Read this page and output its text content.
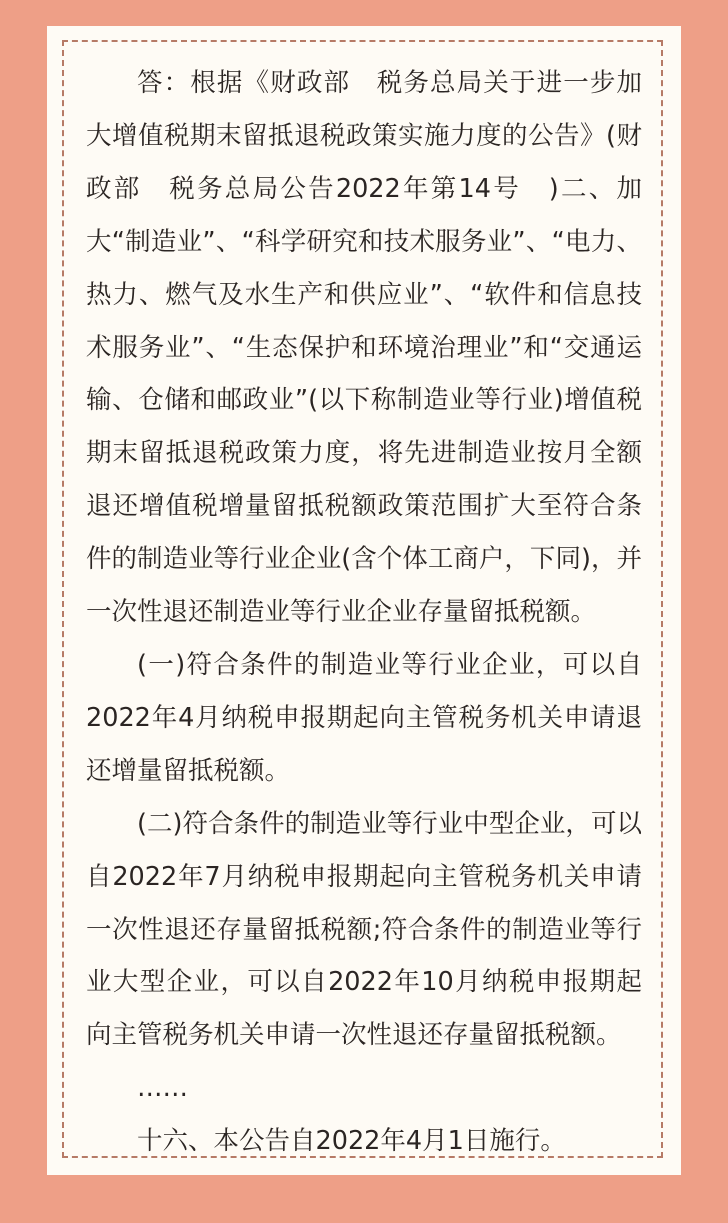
答：根据《财政部　税务总局关于进一步加大增值税期末留抵退税政策实施力度的公告》(财政部　税务总局公告2022年第14号　)二、加大“制造业”、“科学研究和技术服务业”、“电力、热力、燃气及水生产和供应业”、“软件和信息技术服务业”、“生态保护和环境治理业”和“交通运输、仓储和邮政业”(以下称制造业等行业)增值税期末留抵退税政策力度，将先进制造业按月全额退还增值税增量留抵税额政策范围扩大至符合条件的制造业等行业企业(含个体工商户，下同)，并一次性退还制造业等行业企业存量留抵税额。

(一)符合条件的制造业等行业企业，可以自2022年4月纳税申报期起向主管税务机关申请退还增量留抵税额。

(二)符合条件的制造业等行业中型企业，可以自2022年7月纳税申报期起向主管税务机关申请一次性退还存量留抵税额;符合条件的制造业等行业大型企业，可以自2022年10月纳税申报期起向主管税务机关申请一次性退还存量留抵税额。

……

十六、本公告自2022年4月1日施行。
